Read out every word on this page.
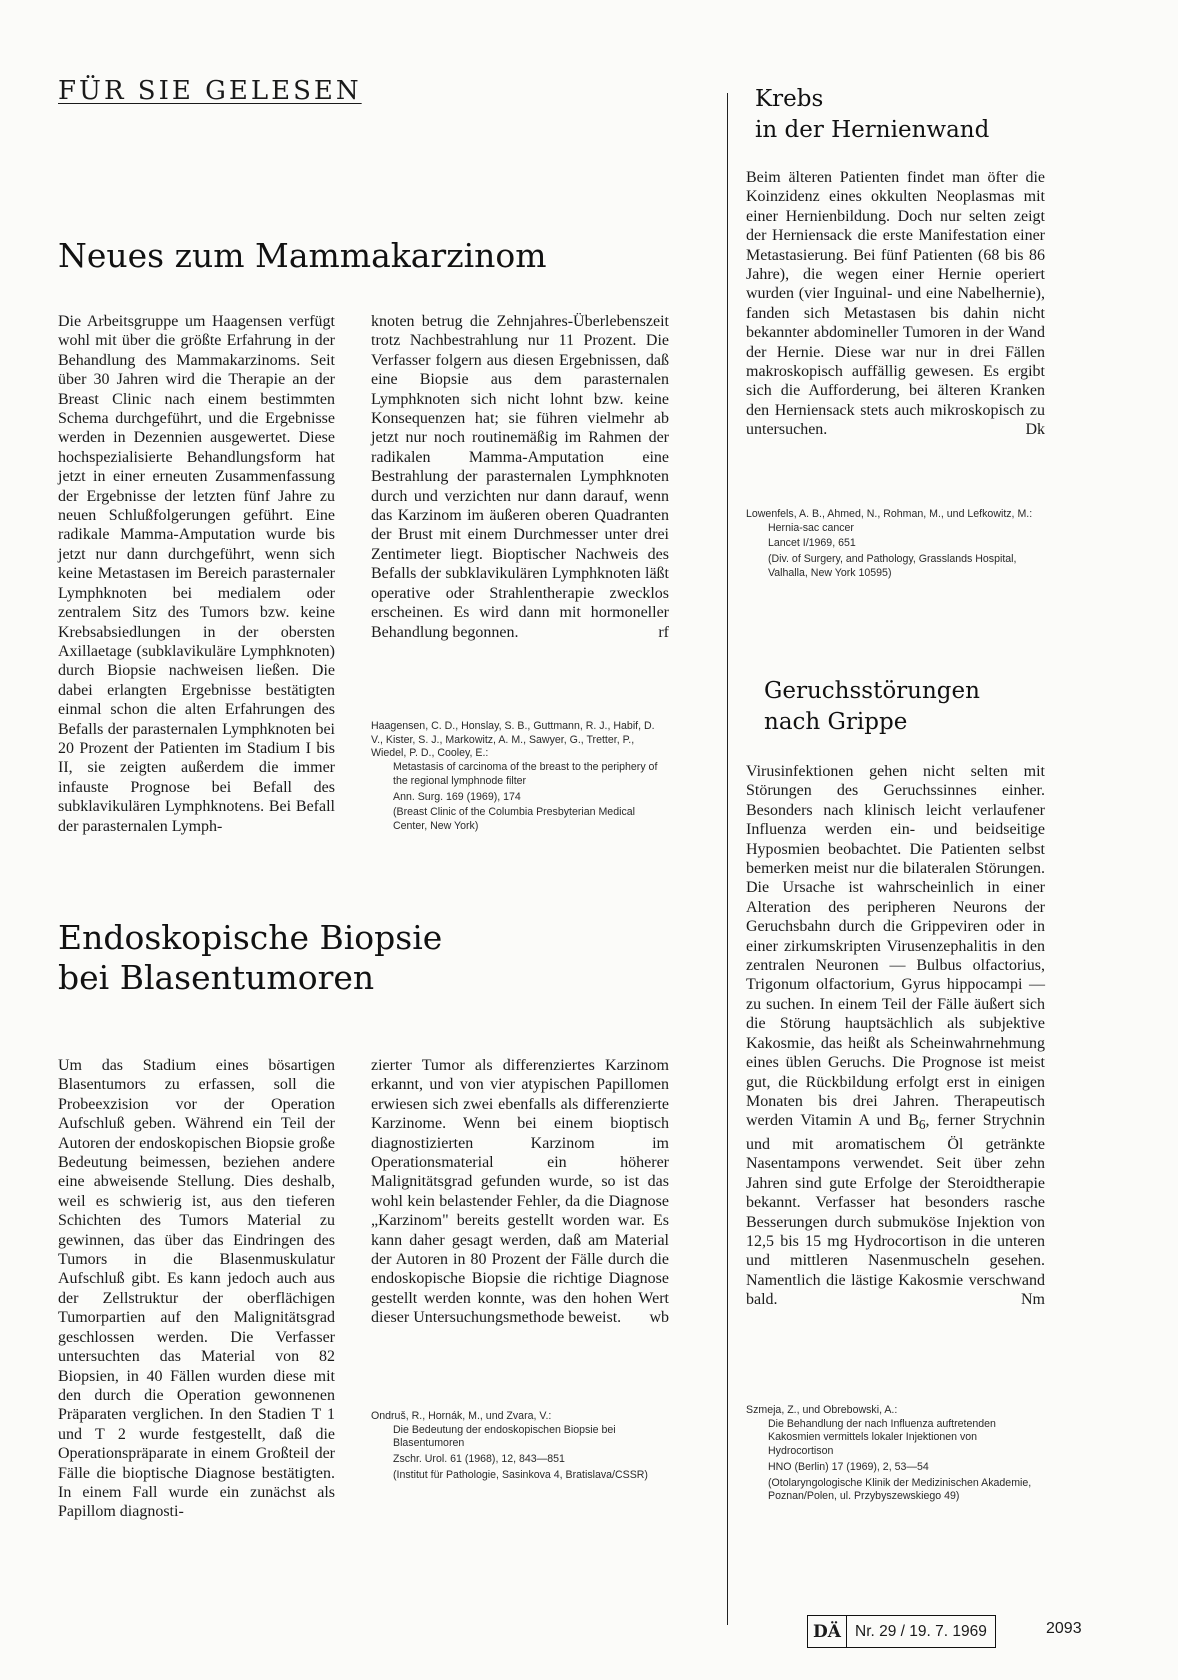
FÜR SIE GELESEN
Neues zum Mammakarzinom

Die Arbeitsgruppe um Haagensen verfügt wohl mit über die größte Erfahrung in der Behandlung des Mammakarzinoms. Seit über 30 Jahren wird die Therapie an der Breast Clinic nach einem bestimmten Schema durchgeführt, und die Ergebnisse werden in Dezennien ausgewertet. Diese hochspezialisierte Behandlungsform hat jetzt in einer erneuten Zusammenfassung der Ergebnisse der letzten fünf Jahre zu neuen Schlußfolgerungen geführt. Eine radikale Mamma-Amputation wurde bis jetzt nur dann durchgeführt, wenn sich keine Metastasen im Bereich parasternaler Lymphknoten bei medialem oder zentralem Sitz des Tumors bzw. keine Krebsabsiedlungen in der obersten Axillaetage (subklavikuläre Lymphknoten) durch Biopsie nachweisen ließen. Die dabei erlangten Ergebnisse bestätigten einmal schon die alten Erfahrungen des Befalls der parasternalen Lymphknoten bei 20 Prozent der Patienten im Stadium I bis II, sie zeigten außerdem die immer infauste Prognose bei Befall des subklavikulären Lymphknotens. Bei Befall der parasternalen Lymph-

knoten betrug die Zehnjahres-Überlebenszeit trotz Nachbestrahlung nur 11 Prozent. Die Verfasser folgern aus diesen Ergebnissen, daß eine Biopsie aus dem parasternalen Lymphknoten sich nicht lohnt bzw. keine Konsequenzen hat; sie führen vielmehr ab jetzt nur noch routinemäßig im Rahmen der radikalen Mamma-Amputation eine Bestrahlung der parasternalen Lymphknoten durch und verzichten nur dann darauf, wenn das Karzinom im äußeren oberen Quadranten der Brust mit einem Durchmesser unter drei Zentimeter liegt. Bioptischer Nachweis des Befalls der subklavikulären Lymphknoten läßt operative oder Strahlentherapie zwecklos erscheinen. Es wird dann mit hormoneller Behandlung begonnen.	rf

Haagensen, C. D., Honslay, S. B., Guttmann, R. J., Habif, D. V., Kister, S. J., Markowitz, A. M., Sawyer, G., Tretter, P., Wiedel, P. D., Cooley, E.:

Metastasis of carcinoma of the breast to the periphery of the regional lymphnode filter

Ann. Surg. 169 (1969), 174

(Breast Clinic of the Columbia Presbyterian Medical Center, New York)

Endoskopische Biopsie
bei Blasentumoren

Um das Stadium eines bösartigen Blasentumors zu erfassen, soll die Probeexzision vor der Operation Aufschluß geben. Während ein Teil der Autoren der endoskopischen Biopsie große Bedeutung beimessen, beziehen andere eine abweisende Stellung. Dies deshalb, weil es schwierig ist, aus den tieferen Schichten des Tumors Material zu gewinnen, das über das Eindringen des Tumors in die Blasenmuskulatur Aufschluß gibt. Es kann jedoch auch aus der Zellstruktur der oberflächigen Tumorpartien auf den Malignitätsgrad geschlossen werden. Die Verfasser untersuchten das Material von 82 Biopsien, in 40 Fällen wurden diese mit den durch die Operation gewonnenen Präparaten verglichen. In den Stadien T 1 und T 2 wurde festgestellt, daß die Operationspräparate in einem Großteil der Fälle die bioptische Diagnose bestätigten. In einem Fall wurde ein zunächst als Papillom diagnosti-

zierter Tumor als differenziertes Karzinom erkannt, und von vier atypischen Papillomen erwiesen sich zwei ebenfalls als differenzierte Karzinome. Wenn bei einem bioptisch diagnostizierten Karzinom im Operationsmaterial ein höherer Malignitätsgrad gefunden wurde, so ist das wohl kein belastender Fehler, da die Diagnose „Karzinom" bereits gestellt worden war. Es kann daher gesagt werden, daß am Material der Autoren in 80 Prozent der Fälle durch die endoskopische Biopsie die richtige Diagnose gestellt werden konnte, was den hohen Wert dieser Untersuchungsmethode beweist. wb

Ondruš, R., Hornák, M., und Zvara, V.:

Die Bedeutung der endoskopischen Biopsie bei Blasentumoren

Zschr. Urol. 61 (1968), 12, 843—851

(Institut für Pathologie, Sasinkova 4, Bratislava/CSSR)

Krebs
in der Hernienwand

Beim älteren Patienten findet man öfter die Koinzidenz eines okkulten Neoplasmas mit einer Hernienbildung. Doch nur selten zeigt der Herniensack die erste Manifestation einer Metastasierung. Bei fünf Patienten (68 bis 86 Jahre), die wegen einer Hernie operiert wurden (vier Inguinal- und eine Nabelhernie), fanden sich Metastasen bis dahin nicht bekannter abdomineller Tumoren in der Wand der Hernie. Diese war nur in drei Fällen makroskopisch auffällig gewesen. Es ergibt sich die Aufforderung, bei älteren Kranken den Herniensack stets auch mikroskopisch zu untersuchen.	Dk

Lowenfels, A. B., Ahmed, N., Rohman, M., und Lefkowitz, M.:

Hernia-sac cancer

Lancet I/1969, 651

(Div. of Surgery, and Pathology, Grasslands Hospital, Valhalla, New York 10595)

Geruchsstörungen
nach Grippe

Virusinfektionen gehen nicht selten mit Störungen des Geruchssinnes einher. Besonders nach klinisch leicht verlaufener Influenza werden ein- und beidseitige Hyposmien beobachtet. Die Patienten selbst bemerken meist nur die bilateralen Störungen. Die Ursache ist wahrscheinlich in einer Alteration des peripheren Neurons der Geruchsbahn durch die Grippeviren oder in einer zirkumskripten Virusenzephalitis in den zentralen Neuronen — Bulbus olfactorius, Trigonum olfactorium, Gyrus hippocampi — zu suchen. In einem Teil der Fälle äußert sich die Störung hauptsächlich als subjektive Kakosmie, das heißt als Scheinwahrnehmung eines üblen Geruchs. Die Prognose ist meist gut, die Rückbildung erfolgt erst in einigen Monaten bis drei Jahren. Therapeutisch werden Vitamin A und $B_6$, ferner Strychnin und mit aromatischem Öl getränkte Nasentampons verwendet. Seit über zehn Jahren sind gute Erfolge der Steroidtherapie bekannt. Verfasser hat besonders rasche Besserungen durch submuköse Injektion von 12,5 bis 15 mg Hydrocortison in die unteren und mittleren Nasenmuscheln gesehen. Namentlich die lästige Kakosmie verschwand bald.	Nm

Szmeja, Z., und Obrebowski, A.:

Die Behandlung der nach Influenza auftretenden Kakosmien vermittels lokaler Injektionen von Hydrocortison

HNO (Berlin) 17 (1969), 2, 53—54

(Otolaryngologische Klinik der Medizinischen Akademie, Poznan/Polen, ul. Przybyszewskiego 49)

DÄ Nr. 29 / 19. 7. 1969	2093
